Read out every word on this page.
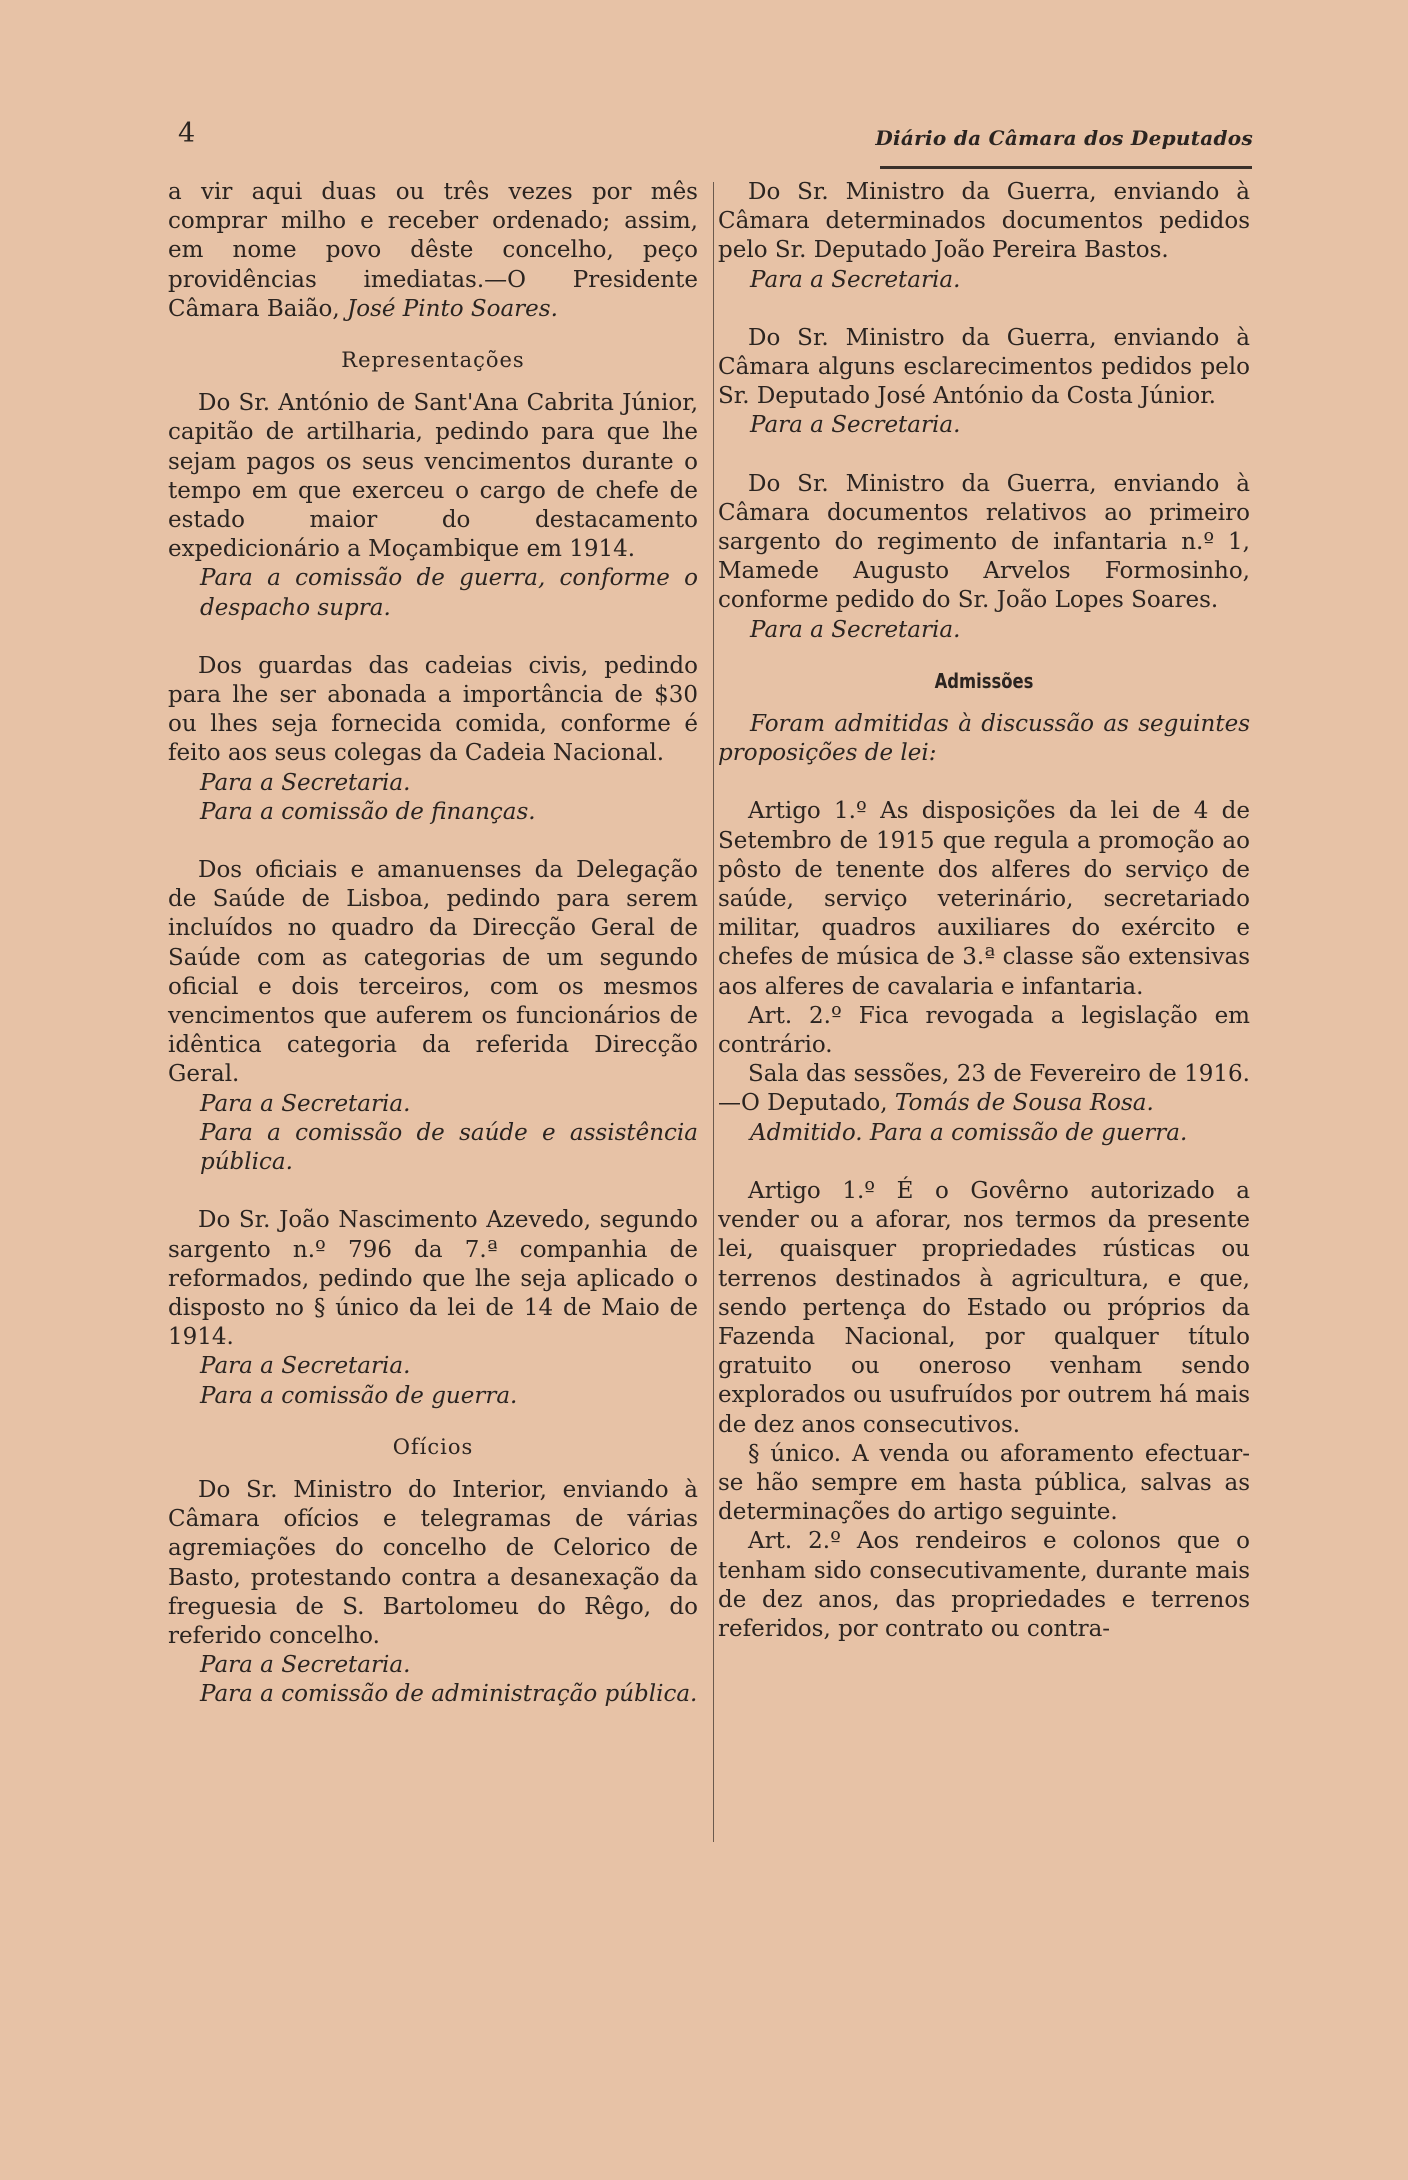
4	Diário da Câmara dos Deputados

a vir aqui duas ou três vezes por mês comprar milho e receber ordenado; assim, em nome povo dêste concelho, peço providências imediatas.—O Presidente Câmara Baião, José Pinto Soares.

Representações

Do Sr. António de Sant'Ana Cabrita Júnior, capitão de artilharia, pedindo para que lhe sejam pagos os seus vencimentos durante o tempo em que exerceu o cargo de chefe de estado maior do destacamento expedicionário a Moçambique em 1914.

Para a comissão de guerra, conforme o despacho supra.

Dos guardas das cadeias civis, pedindo para lhe ser abonada a importância de $30 ou lhes seja fornecida comida, conforme é feito aos seus colegas da Cadeia Nacional.

Para a Secretaria.

Para a comissão de finanças.

Dos oficiais e amanuenses da Delegação de Saúde de Lisboa, pedindo para serem incluídos no quadro da Direcção Geral de Saúde com as categorias de um segundo oficial e dois terceiros, com os mesmos vencimentos que auferem os funcionários de idêntica categoria da referida Direcção Geral.

Para a Secretaria.

Para a comissão de saúde e assistência pública.

Do Sr. João Nascimento Azevedo, segundo sargento n.º 796 da 7.ª companhia de reformados, pedindo que lhe seja aplicado o disposto no § único da lei de 14 de Maio de 1914.

Para a Secretaria.

Para a comissão de guerra.

Ofícios

Do Sr. Ministro do Interior, enviando à Câmara ofícios e telegramas de várias agremiações do concelho de Celorico de Basto, protestando contra a desanexação da freguesia de S. Bartolomeu do Rêgo, do referido concelho.

Para a Secretaria.

Para a comissão de administração pública.

Do Sr. Ministro da Guerra, enviando à Câmara determinados documentos pedidos pelo Sr. Deputado João Pereira Bastos.

Para a Secretaria.

Do Sr. Ministro da Guerra, enviando à Câmara alguns esclarecimentos pedidos pelo Sr. Deputado José António da Costa Júnior.

Para a Secretaria.

Do Sr. Ministro da Guerra, enviando à Câmara documentos relativos ao primeiro sargento do regimento de infantaria n.º 1, Mamede Augusto Arvelos Formosinho, conforme pedido do Sr. João Lopes Soares.

Para a Secretaria.

Admissões

Foram admitidas à discussão as seguintes proposições de lei:

Artigo 1.º As disposições da lei de 4 de Setembro de 1915 que regula a promoção ao pôsto de tenente dos alferes do serviço de saúde, serviço veterinário, secretariado militar, quadros auxiliares do exército e chefes de música de 3.ª classe são extensivas aos alferes de cavalaria e infantaria.

Art. 2.º Fica revogada a legislação em contrário.

Sala das sessões, 23 de Fevereiro de 1916.—O Deputado, Tomás de Sousa Rosa.

Admitido. Para a comissão de guerra.

Artigo 1.º É o Govêrno autorizado a vender ou a aforar, nos termos da presente lei, quaisquer propriedades rústicas ou terrenos destinados à agricultura, e que, sendo pertença do Estado ou próprios da Fazenda Nacional, por qualquer título gratuito ou oneroso venham sendo explorados ou usufruídos por outrem há mais de dez anos consecutivos.

§ único. A venda ou aforamento efectuar-se hão sempre em hasta pública, salvas as determinações do artigo seguinte.

Art. 2.º Aos rendeiros e colonos que o tenham sido consecutivamente, durante mais de dez anos, das propriedades e terrenos referidos, por contrato ou contra-
